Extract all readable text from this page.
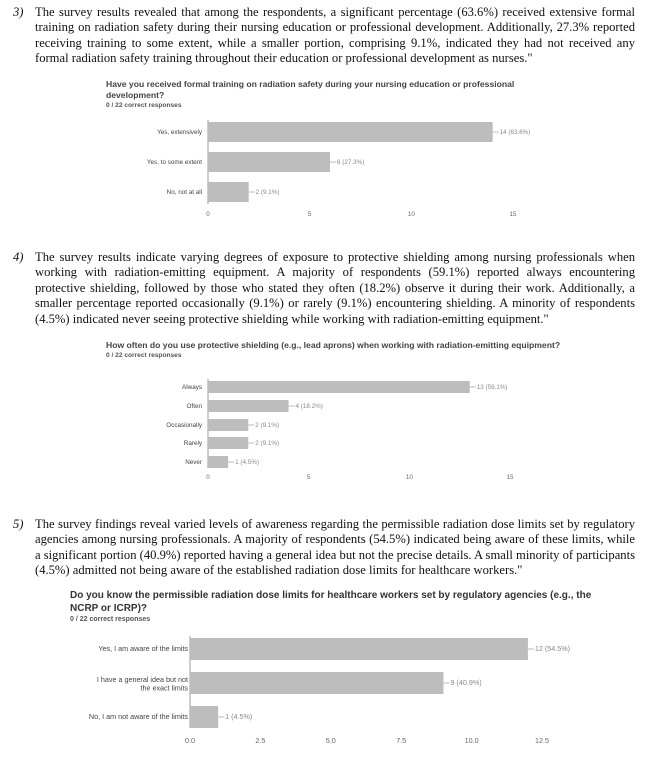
3) The survey results revealed that among the respondents, a significant percentage (63.6%) received extensive formal training on radiation safety during their nursing education or professional development. Additionally, 27.3% reported receiving training to some extent, while a smaller portion, comprising 9.1%, indicated they had not received any formal radiation safety training throughout their education or professional development as nurses."

Have you received formal training on radiation safety during your nursing education or professional development?
0 / 22 correct responses
0	5	10	15
Yes, extensively	14 (63.6%)
Yes, to some extent	6 (27.3%)
No, not at all	2 (9.1%)
4) The survey results indicate varying degrees of exposure to protective shielding among nursing professionals when working with radiation-emitting equipment. A majority of respondents (59.1%) reported always encountering protective shielding, followed by those who stated they often (18.2%) observe it during their work. Additionally, a smaller percentage reported occasionally (9.1%) or rarely (9.1%) encountering shielding. A minority of respondents (4.5%) indicated never seeing protective shielding while working with radiation-emitting equipment."

How often do you use protective shielding (e.g., lead aprons) when working with radiation-emitting equipment?
0 / 22 correct responses
0	5	10	15
Always	13 (59.1%)
Often	4 (18.2%)
Occasionally	2 (9.1%)
Rarely	2 (9.1%)
Never	1 (4.5%)
5) The survey findings reveal varied levels of awareness regarding the permissible radiation dose limits set by regulatory agencies among nursing professionals. A majority of respondents (54.5%) indicated being aware of these limits, while a significant portion (40.9%) reported having a general idea but not the precise details. A small minority of participants (4.5%) admitted not being aware of the established radiation dose limits for healthcare workers."

Do you know the permissible radiation dose limits for healthcare workers set by regulatory agencies (e.g., the NCRP or ICRP)?
0 / 22 correct responses
0.0	2.5	5.0	7.5	10.0	12.5
Yes, I am aware of the limits	12 (54.5%)
I have a general idea but not the exact limits
9 (40.9%)
No, I am not aware of the limits	1 (4.5%)
